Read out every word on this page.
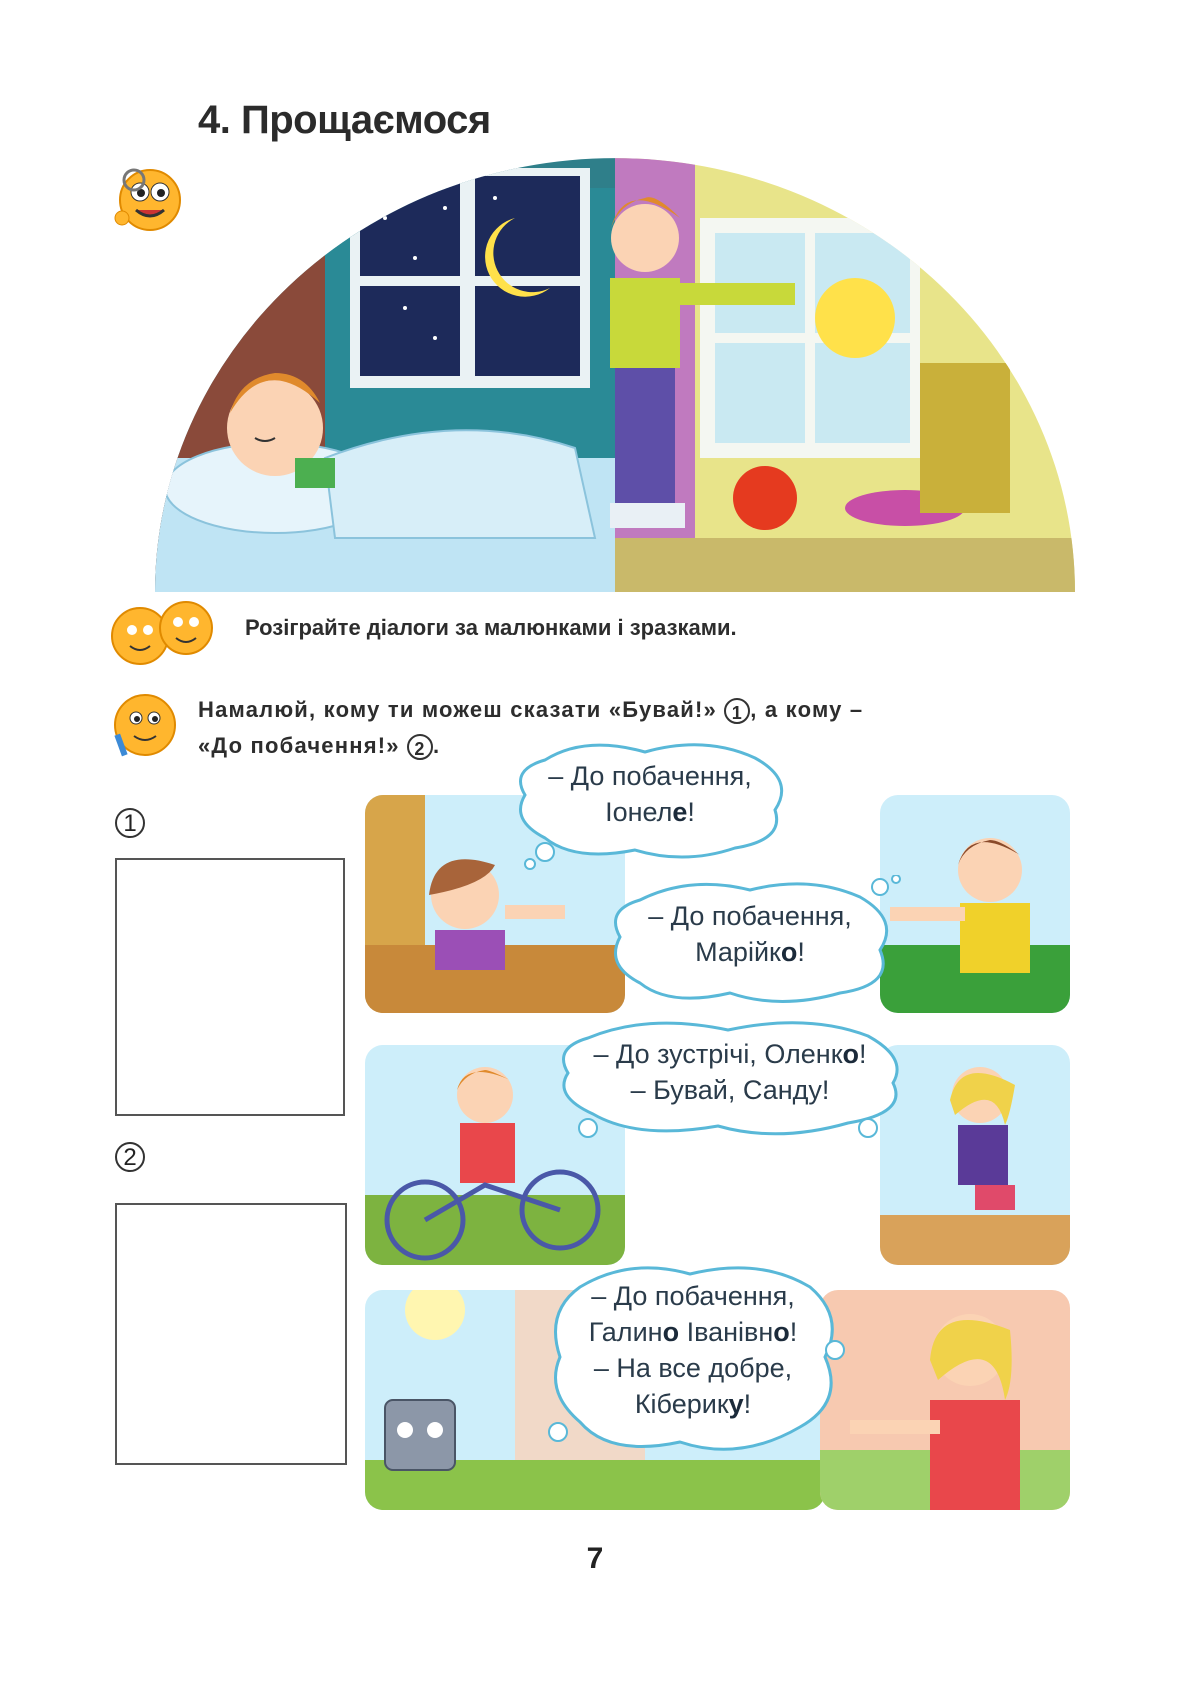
4. Прощаємося
Розіграйте діалоги за малюнками і зразками.
Намалюй, кому ти можеш сказати «Бувай!» 1 , а кому –
«До побачення!» 2 .
1
2
– До побачення,
Іонеле!
– До побачення,
Марійко!
– До зустрічі, Оленко!
– Бувай, Санду!
– До побачення,
Галино Іванівно!
– На все добре,
Кіберику!
7
